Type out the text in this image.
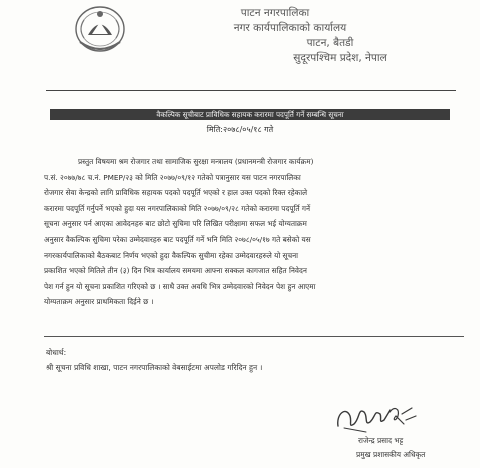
पाटन नगरपालिका
नगर कार्यपालिकाको कार्यालय
पाटन, बैतडी
सुदूरपश्चिम प्रदेश, नेपाल
वैकल्पिक सूचीबाट प्राविधिक सहायक करारमा पदपूर्ति गर्ने सम्बन्धि सूचना
मिति:२०७८/०५/१८ गते
प्रस्तुत विषयमा श्रम रोजगार तथा सामाजिक सुरक्षा मन्त्रालय (प्रधानमन्त्री रोजगार कार्यक्रम)
प.सं. २०७७/७८ च.नं. PMEP/२३ को मिति २०७७/०९/१२ गतेको पत्रानुसार यस पाटन नगरपालिका
रोजगार सेवा केन्द्रको लागि प्राविधिक सहायक पदको पदपूर्ति भएको र हाल उक्त पदको रिक्त रहेकाले
करारमा पदपूर्ति गर्नुपर्ने भएको हुदा यस नगरपालिकाको मिति २०७७/०९/२८ गतेको करारमा पदपूर्ति गर्ने
सूचना अनुसार पर्न आएका आवेदनहरु बाट छोटो सुचिमा परि लिखित परीक्षामा सफल भई योग्यताक्रम
अनुसार वैकल्पिक सुचिमा परेका उम्मेदवारहरु बाट पदपूर्ति गर्ने भनि मिति २०७८/०५/१७ गते बसेको यस
नगरकार्यपालिकाको बैठकबाट निर्णय भएको हुदा वैकल्पिक सुचीमा रहेका उम्मेदवारहरुले यो सूचना
प्रकाशित भएको मितिले तीन (३) दिन भित्र कार्यालय समयमा आफ्ना सक्कल कागजात सहित निवेदन
पेश गर्न हुन यो सूचना प्रकाशित गरिएको छ । साथै उक्त अवधि भित्र उम्मेदवारको निवेदन पेश हुन आएमा
योग्यताक्रम अनुसार प्राथमिकता दिईने छ ।
बोधार्थ:
श्री सूचना प्रविधि शाखा, पाटन नगरपालिकाको वेबसाईटमा अपलोड गरिदिन हुन ।
राजेन्द्र प्रसाद भट्ट
प्रमुख प्रशासकीय अधिकृत
